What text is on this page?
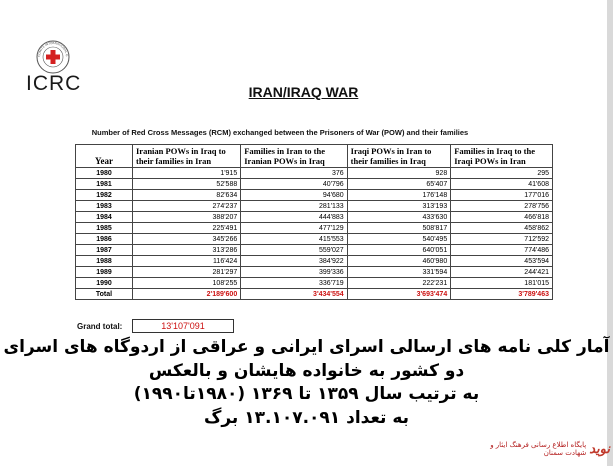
COMITE INTERNATIONAL G
ICRC	IRAN/IRAQ WAR
Number of Red Cross Messages (RCM) exchanged between the Prisoners of War (POW) and their families
Year	Iranian POWs in Iraq to their families in Iran	Families in Iran to the Iranian POWs in Iraq	Iraqi POWs in Iran to their families in Iraq	Families in Iraq to the Iraqi POWs in Iran
1980	1'915	376	928	295
1981	52'588	40'796	65'407	41'608
1982	82'634	94'680	176'148	177'016
1983	274'237	281'133	313'193	278'756
1984	388'207	444'883	433'630	466'818
1985	225'491	477'129	508'817	458'862
1986	345'266	415'553	540'495	712'592
1987	313'286	559'027	640'051	774'486
1988	116'424	384'922	460'980	453'594
1989	281'297	399'336	331'594	244'421
1990	108'255	336'719	222'231	181'015
Total	2'189'600	3'434'554	3'693'474	3'789'463
Grand total:	13'107'091
آمار کلی نامه های ارسالی اسرای ایرانی و عراقی از اردوگاه های اسرای
دو کشور به خانواده هایشان و بالعکس
به ترتیب سال ۱۳۵۹ تا ۱۳۶۹ (۱۹۸۰تا۱۹۹۰)
به تعداد ۱۳.۱۰۷.۰۹۱ برگ
نوید
پایگاه اطلاع رسانی فرهنگ ایثار و شهادت سمنان
